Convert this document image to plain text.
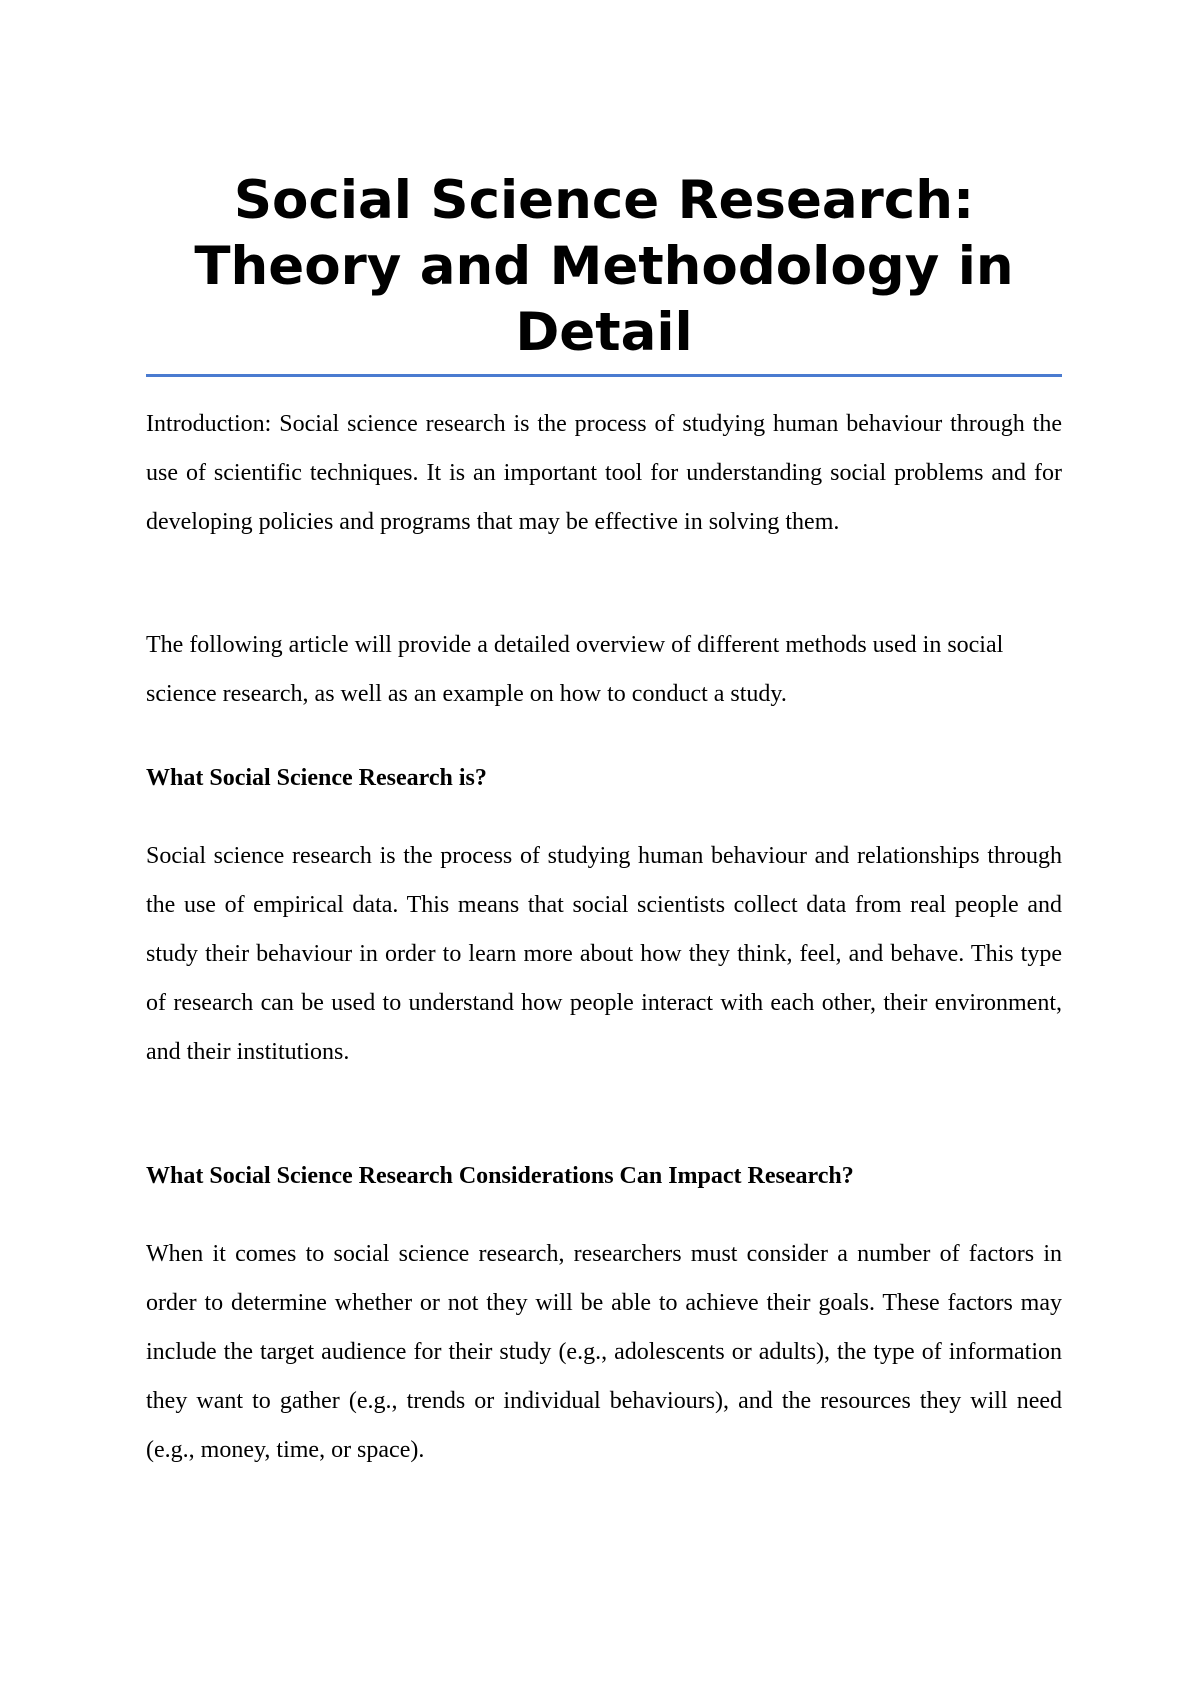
Social Science Research: Theory and Methodology in Detail

Introduction: Social science research is the process of studying human behaviour through the use of scientific techniques. It is an important tool for understanding social problems and for developing policies and programs that may be effective in solving them.

The following article will provide a detailed overview of different methods used in social science research, as well as an example on how to conduct a study.

What Social Science Research is?

Social science research is the process of studying human behaviour and relationships through the use of empirical data. This means that social scientists collect data from real people and study their behaviour in order to learn more about how they think, feel, and behave. This type of research can be used to understand how people interact with each other, their environment, and their institutions.

What Social Science Research Considerations Can Impact Research?

When it comes to social science research, researchers must consider a number of factors in order to determine whether or not they will be able to achieve their goals. These factors may include the target audience for their study (e.g., adolescents or adults), the type of information they want to gather (e.g., trends or individual behaviours), and the resources they will need (e.g., money, time, or space).
